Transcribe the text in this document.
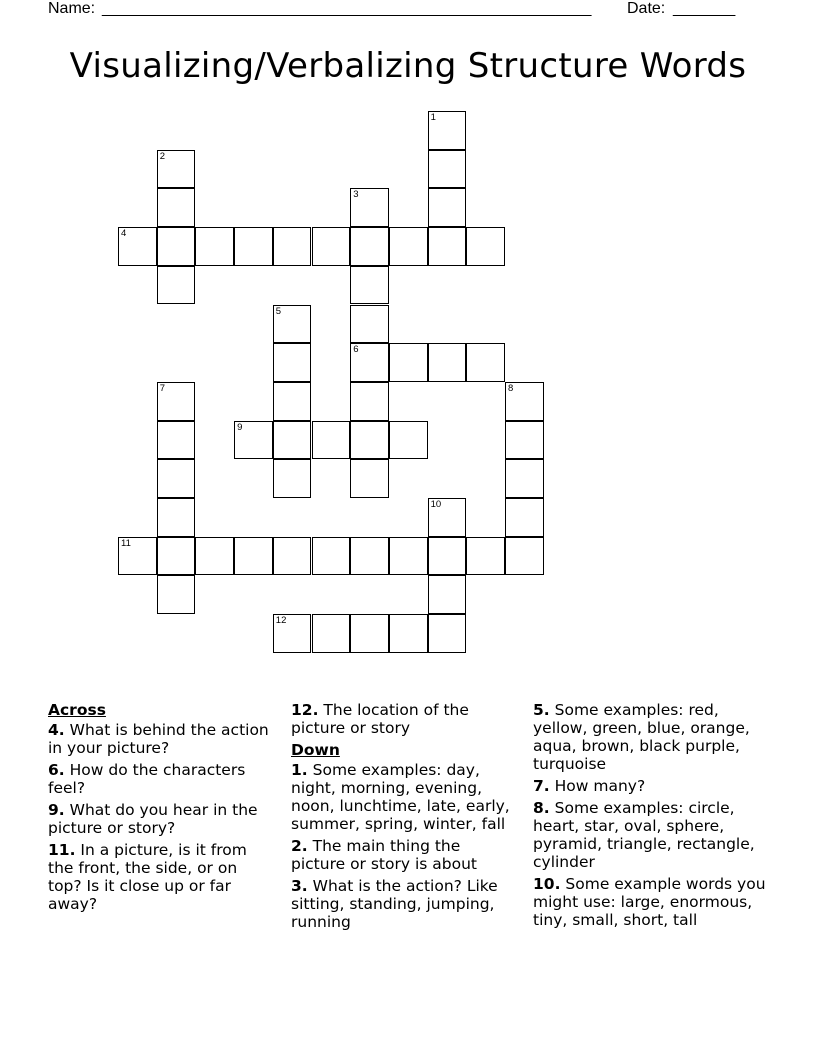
Name: _______________________________________________________ Date: _______
Visualizing/Verbalizing Structure Words
1
2
3
6
4
5
7	8
9
10
11
12
Across
4. What is behind the action in your picture?
6. How do the characters feel?
9. What do you hear in the picture or story?
11. In a picture, is it from the front, the side, or on top? Is it close up or far away?
12. The location of the picture or story
Down
1. Some examples: day, night, morning, evening, noon, lunchtime, late, early, summer, spring, winter, fall
2. The main thing the picture or story is about
3. What is the action? Like sitting, standing, jumping, running
5. Some examples: red, yellow, green, blue, orange, aqua, brown, black purple, turquoise
7. How many?
8. Some examples: circle, heart, star, oval, sphere, pyramid, triangle, rectangle, cylinder
10. Some example words you might use: large, enormous, tiny, small, short, tall
